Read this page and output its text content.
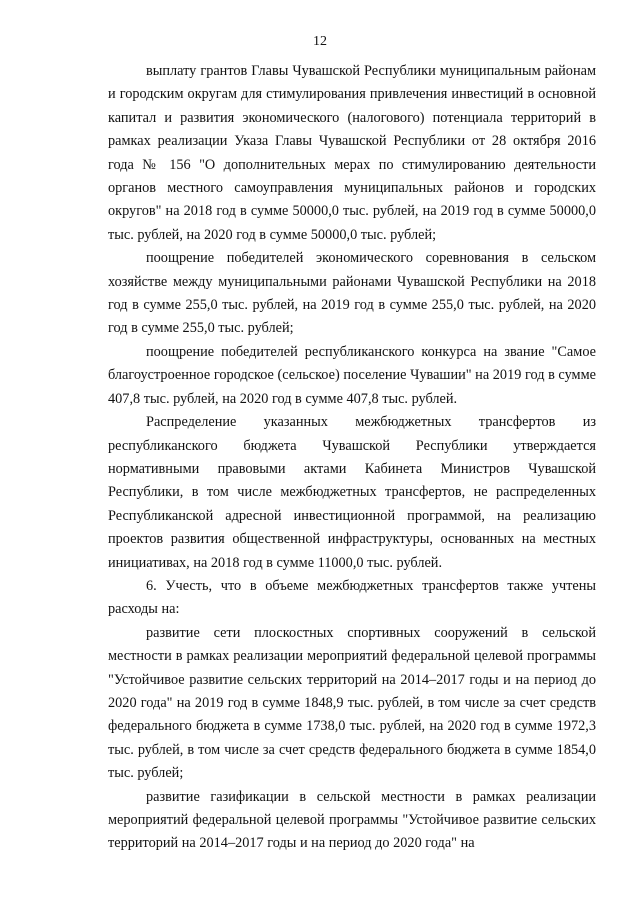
12

выплату грантов Главы Чувашской Республики муниципальным районам и городским округам для стимулирования привлечения инвестиций в основной капитал и развития экономического (налогового) потенциала территорий в рамках реализации Указа Главы Чувашской Республики от 28 октября 2016 года № 156 "О дополнительных мерах по стимулированию деятельности органов местного самоуправления муниципальных районов и городских округов" на 2018 год в сумме 50000,0 тыс. рублей, на 2019 год в сумме 50000,0 тыс. рублей, на 2020 год в сумме 50000,0 тыс. рублей;

поощрение победителей экономического соревнования в сельском хозяйстве между муниципальными районами Чувашской Республики на 2018 год в сумме 255,0 тыс. рублей, на 2019 год в сумме 255,0 тыс. рублей, на 2020 год в сумме 255,0 тыс. рублей;

поощрение победителей республиканского конкурса на звание "Самое благоустроенное городское (сельское) поселение Чувашии" на 2019 год в сумме 407,8 тыс. рублей, на 2020 год в сумме 407,8 тыс. рублей.

Распределение указанных межбюджетных трансфертов из республиканского бюджета Чувашской Республики утверждается нормативными правовыми актами Кабинета Министров Чувашской Республики, в том числе межбюджетных трансфертов, не распределенных Республиканской адресной инвестиционной программой, на реализацию проектов развития общественной инфраструктуры, основанных на местных инициативах, на 2018 год в сумме 11000,0 тыс. рублей.

6. Учесть, что в объеме межбюджетных трансфертов также учтены расходы на:

развитие сети плоскостных спортивных сооружений в сельской местности в рамках реализации мероприятий федеральной целевой программы "Устойчивое развитие сельских территорий на 2014–2017 годы и на период до 2020 года" на 2019 год в сумме 1848,9 тыс. рублей, в том числе за счет средств федерального бюджета в сумме 1738,0 тыс. рублей, на 2020 год в сумме 1972,3 тыс. рублей, в том числе за счет средств федерального бюджета в сумме 1854,0 тыс. рублей;

развитие газификации в сельской местности в рамках реализации мероприятий федеральной целевой программы "Устойчивое развитие сельских территорий на 2014–2017 годы и на период до 2020 года" на
